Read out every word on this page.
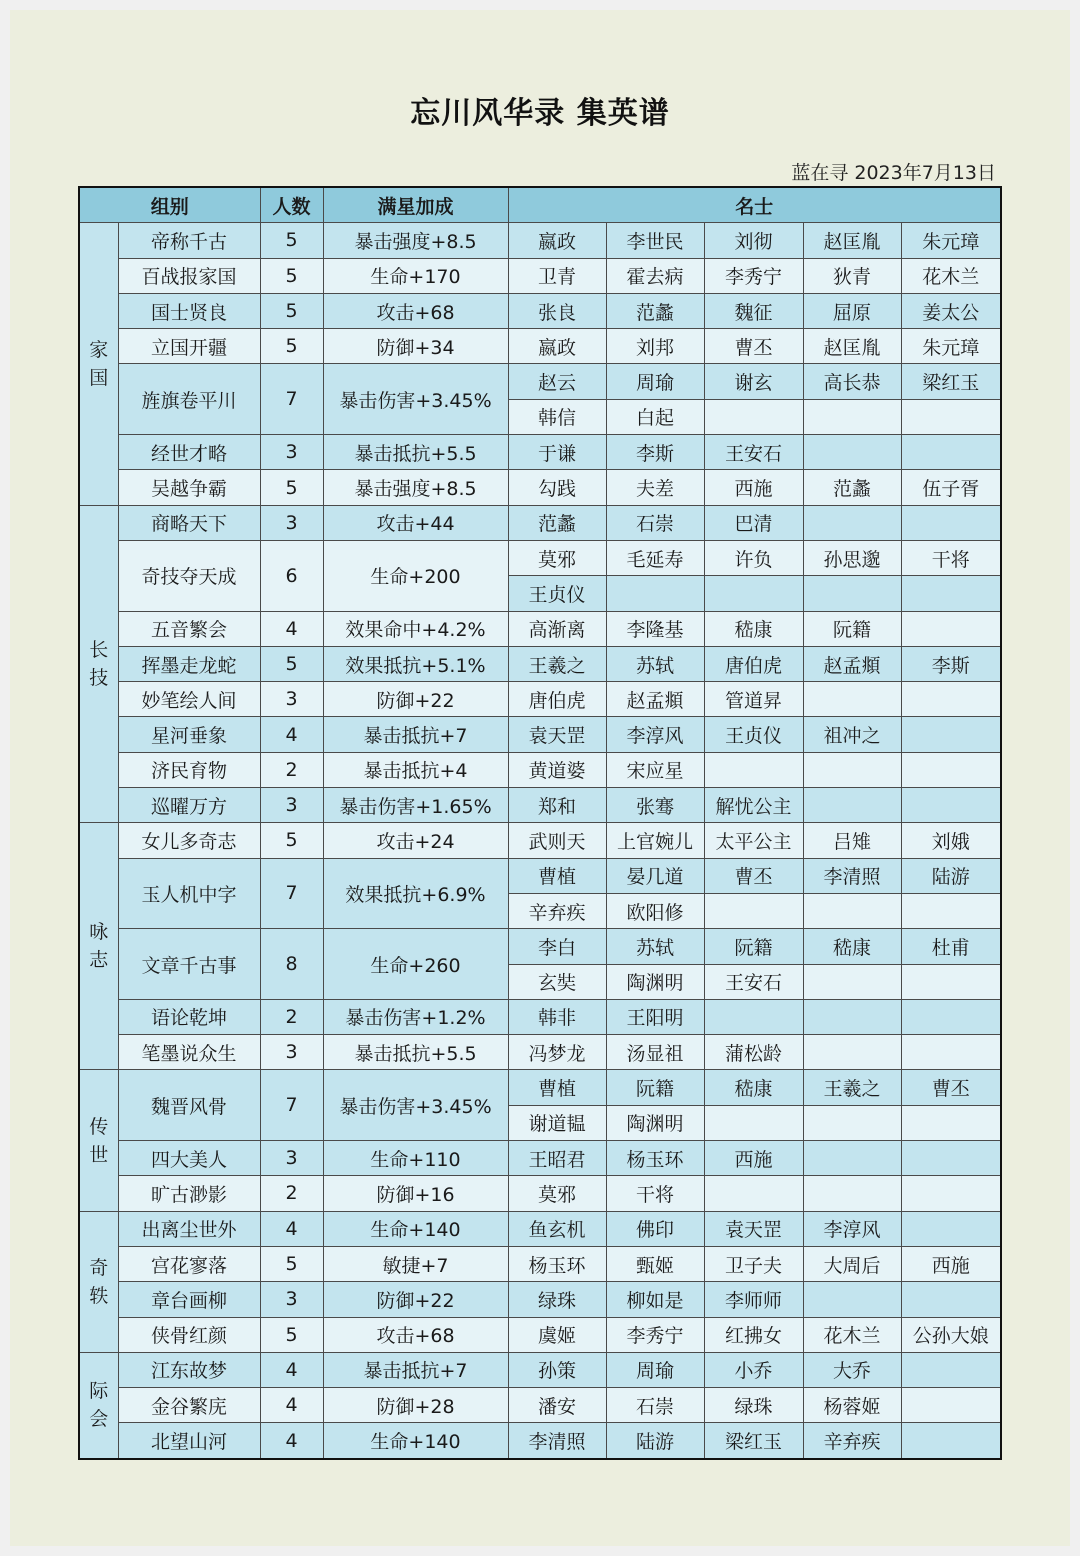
忘川风华录 集英谱
蓝在寻 2023年7月13日
组别		人数	满星加成	名士				
家国	帝称千古	5	暴击强度+8.5	嬴政	李世民	刘彻	赵匡胤	朱元璋
	百战报家国	5	生命+170	卫青	霍去病	李秀宁	狄青	花木兰
	国士贤良	5	攻击+68	张良	范蠡	魏征	屈原	姜太公
	立国开疆	5	防御+34	嬴政	刘邦	曹丕	赵匡胤	朱元璋
	旌旗卷平川	7	暴击伤害+3.45%	赵云	周瑜	谢玄	高长恭	梁红玉
				韩信	白起			
	经世才略	3	暴击抵抗+5.5	于谦	李斯	王安石		
	吴越争霸	5	暴击强度+8.5	勾践	夫差	西施	范蠡	伍子胥
长技	商略天下	3	攻击+44	范蠡	石崇	巴清		
	奇技夺天成	6	生命+200	莫邪	毛延寿	许负	孙思邈	干将
				王贞仪				
	五音繁会	4	效果命中+4.2%	高渐离	李隆基	嵇康	阮籍	
	挥墨走龙蛇	5	效果抵抗+5.1%	王羲之	苏轼	唐伯虎	赵孟頫	李斯
	妙笔绘人间	3	防御+22	唐伯虎	赵孟頫	管道昇		
	星河垂象	4	暴击抵抗+7	袁天罡	李淳风	王贞仪	祖冲之	
	济民育物	2	暴击抵抗+4	黄道婆	宋应星			
	巡曜万方	3	暴击伤害+1.65%	郑和	张骞	解忧公主		
咏志	女儿多奇志	5	攻击+24	武则天	上官婉儿	太平公主	吕雉	刘娥
	玉人机中字	7	效果抵抗+6.9%	曹植	晏几道	曹丕	李清照	陆游
				辛弃疾	欧阳修			
	文章千古事	8	生命+260	李白	苏轼	阮籍	嵇康	杜甫
				玄奘	陶渊明	王安石		
	语论乾坤	2	暴击伤害+1.2%	韩非	王阳明			
	笔墨说众生	3	暴击抵抗+5.5	冯梦龙	汤显祖	蒲松龄		
传世	魏晋风骨	7	暴击伤害+3.45%	曹植	阮籍	嵇康	王羲之	曹丕
				谢道韫	陶渊明			
	四大美人	3	生命+110	王昭君	杨玉环	西施		
	旷古渺影	2	防御+16	莫邪	干将			
奇轶	出离尘世外	4	生命+140	鱼玄机	佛印	袁天罡	李淳风	
	宫花寥落	5	敏捷+7	杨玉环	甄姬	卫子夫	大周后	西施
	章台画柳	3	防御+22	绿珠	柳如是	李师师		
	侠骨红颜	5	攻击+68	虞姬	李秀宁	红拂女	花木兰	公孙大娘
际会	江东故梦	4	暴击抵抗+7	孙策	周瑜	小乔	大乔	
	金谷繁庑	4	防御+28	潘安	石崇	绿珠	杨蓉姬	
	北望山河	4	生命+140	李清照	陆游	梁红玉	辛弃疾	
